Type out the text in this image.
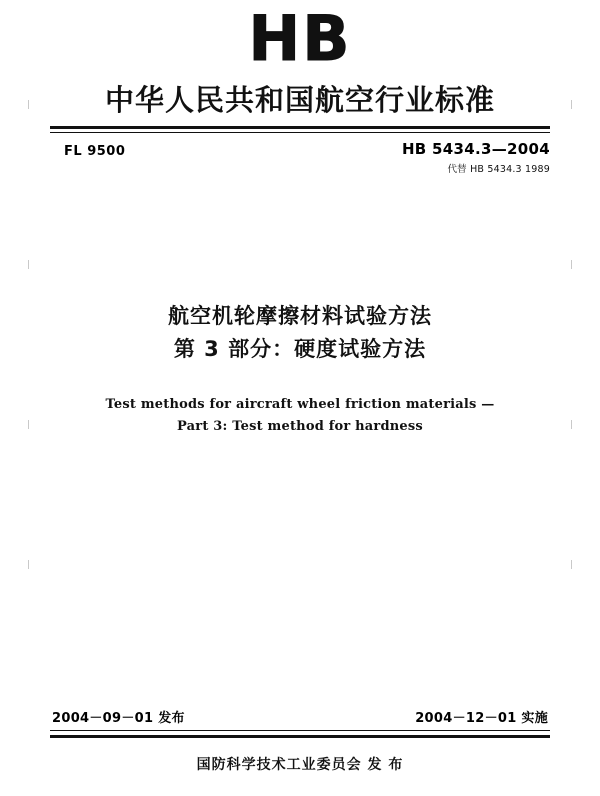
HB
中华人民共和国航空行业标准
FL 9500	HB 5434.3—2004
代替 HB 5434.3 1989
航空机轮摩擦材料试验方法
第 3 部分：硬度试验方法
Test methods for aircraft wheel friction materials —
Part 3: Test method for hardness
2004－09－01 发布	2004－12－01 实施
国防科学技术工业委员会 发 布
